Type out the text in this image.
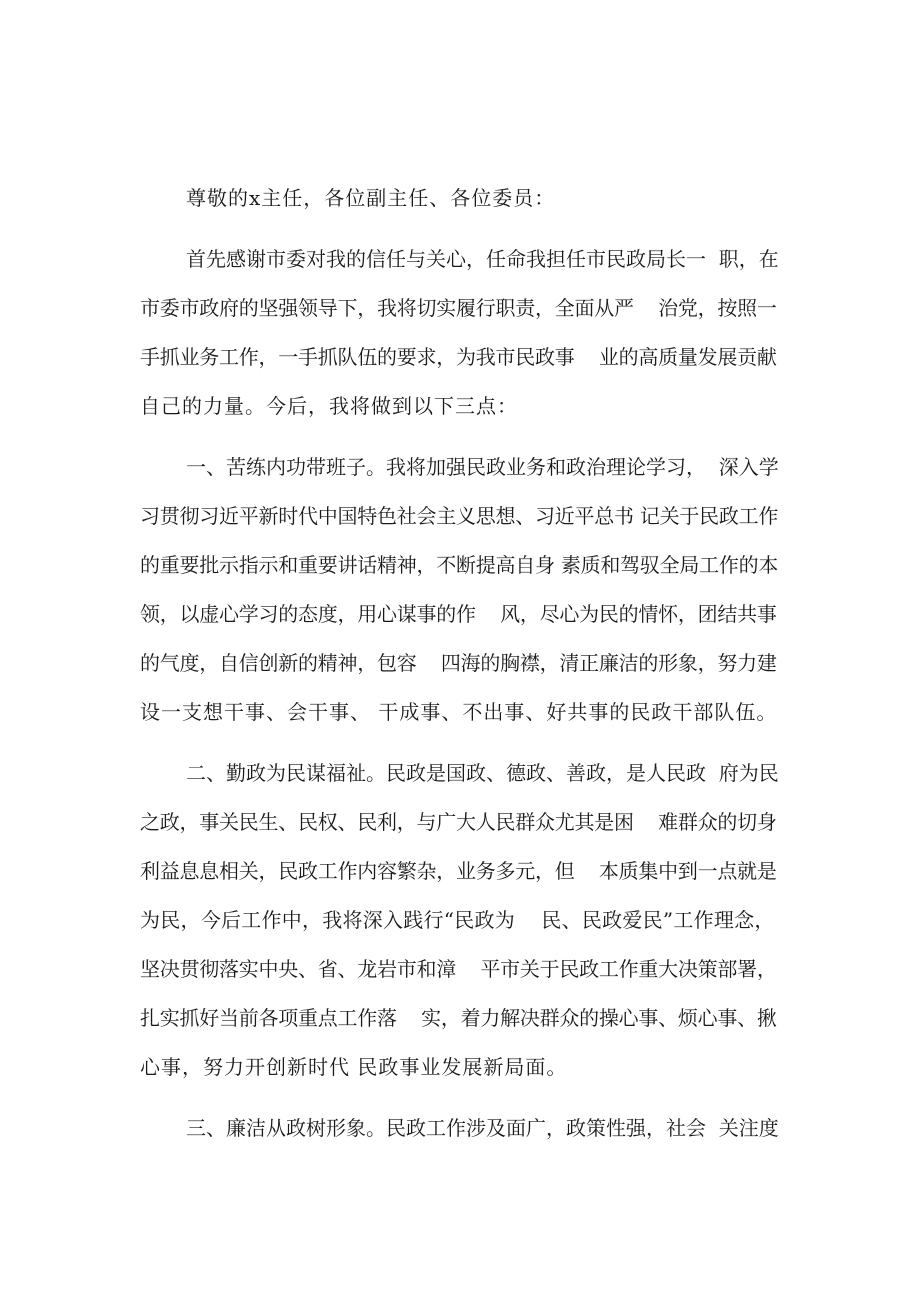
尊敬的x主任，各位副主任、各位委员：
首先感谢市委对我的信任与关心，任命我担任市民政局长一  职，在
市委市政府的坚强领导下，我将切实履行职责，全面从严    治党，按照一
手抓业务工作，一手抓队伍的要求，为我市民政事    业的高质量发展贡献
自己的力量。今后，我将做到以下三点：
一、苦练内功带班子。我将加强民政业务和政治理论学习，  深入学
习贯彻习近平新时代中国特色社会主义思想、习近平总书 记关于民政工作
的重要批示指示和重要讲话精神，不断提高自身 素质和驾驭全局工作的本
领，以虚心学习的态度，用心谋事的作    风，尽心为民的情怀，团结共事
的气度，自信创新的精神，包容    四海的胸襟，清正廉洁的形象，努力建
设一支想干事、会干事、 干成事、不出事、好共事的民政干部队伍。
二、勤政为民谋福祉。民政是国政、德政、善政，是人民政  府为民
之政，事关民生、民权、民利，与广大人民群众尤其是困    难群众的切身
利益息息相关，民政工作内容繁杂，业务多元，但    本质集中到一点就是
为民，今后工作中，我将深入践行“民政为    民、民政爱民”工作理念，
坚决贯彻落实中央、省、龙岩市和漳    平市关于民政工作重大决策部署，
扎实抓好当前各项重点工作落    实，着力解决群众的操心事、烦心事、揪
心事，努力开创新时代 民政事业发展新局面。
三、廉洁从政树形象。民政工作涉及面广，政策性强，社会  关注度
